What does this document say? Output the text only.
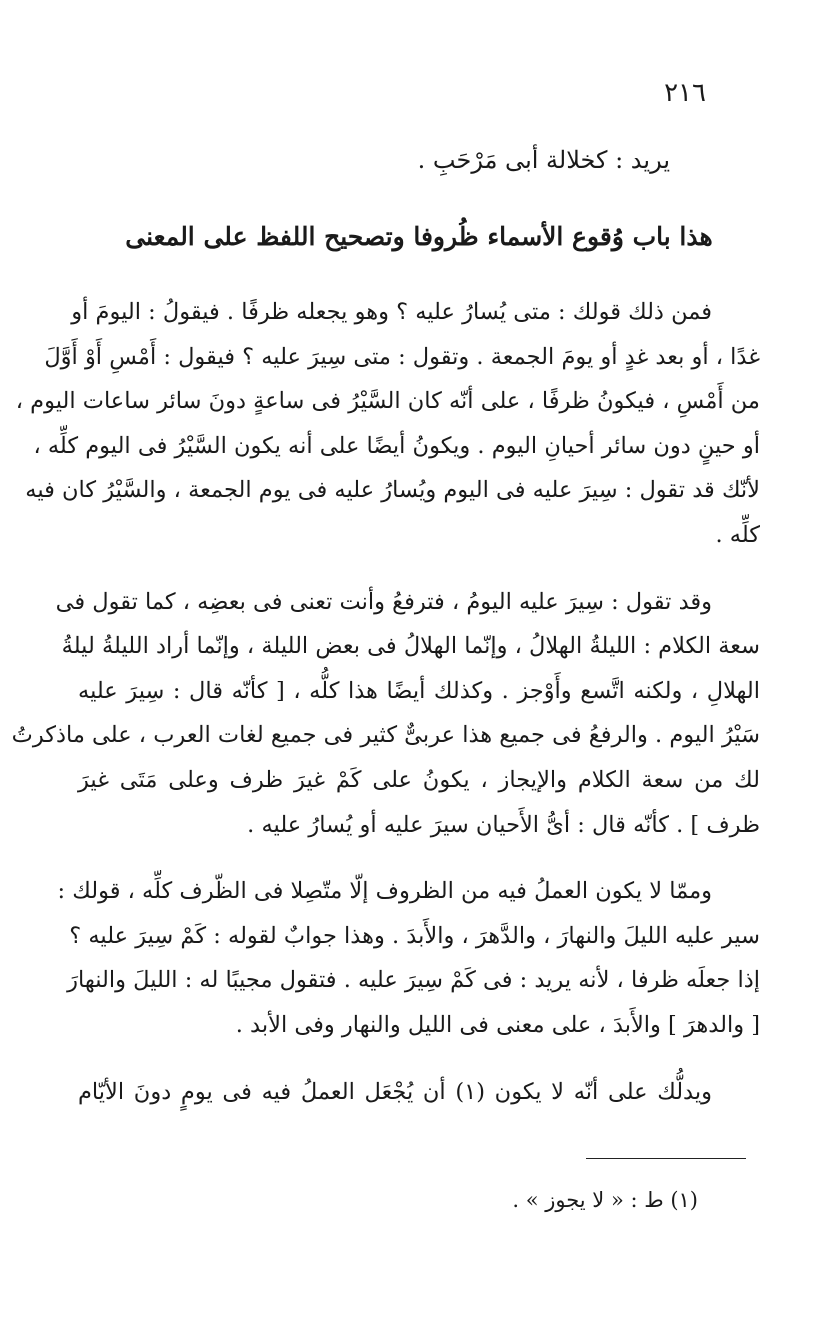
٢١٦
يريد : كخلالة أبى مَرْحَبِ .
هذا باب وُقوع الأسماء ظُروفا وتصحيح اللفظ على المعنى

فمن ذلك قولك : متى يُسارُ عليه ؟ وهو يجعله ظرفًا . فيقولُ : اليومَ أو
غدًا ، أو بعد غدٍ أو يومَ الجمعة . وتقول : متى سِيرَ عليه ؟ فيقول : أَمْسِ أَوْ أَوَّلَ
من أَمْسِ ، فيكونُ ظرفًا ، على أنّه كان السَّيْرُ فى ساعةٍ دونَ سائر ساعات اليوم ،
أو حينٍ دون سائر أحيانِ اليوم . ويكونُ أيضًا على أنه يكون السَّيْرُ فى اليوم كلِّه ،
لأنّك قد تقول : سِيرَ عليه فى اليوم ويُسارُ عليه فى يوم الجمعة ، والسَّيْرُ كان فيه
كلِّه .

وقد تقول : سِيرَ عليه اليومُ ، فترفعُ وأنت تعنى فى بعضِه ، كما تقول فى
سعة الكلام : الليلةُ الهلالُ ، وإنّما الهلالُ فى بعض الليلة ، وإنّما أراد الليلةُ ليلةُ
الهلالِ ، ولكنه اتَّسع وأَوْجز . وكذلك أيضًا هذا كلُّه ، [ كأنّه قال : سِيرَ عليه
سَيْرُ اليوم . والرفعُ فى جميع هذا عربىٌّ كثير فى جميع لغات العرب ، على ماذكرتُ
لك من سعة الكلام والإيجاز ، يكونُ على كَمْ غيرَ ظرف وعلى مَتَى غيرَ
ظرف ] . كأنّه قال : أىُّ الأَحيان سيرَ عليه أو يُسارُ عليه .

وممّا لا يكون العملُ فيه من الظروف إلّا متّصِلا فى الظّرف كلِّه ، قولك :
سير عليه الليلَ والنهارَ ، والدَّهرَ ، والأَبدَ . وهذا جوابٌ لقوله : كَمْ سِيرَ عليه ؟
إذا جعلَه ظرفا ، لأنه يريد : فى كَمْ سِيرَ عليه . فتقول مجيبًا له : الليلَ والنهارَ
[ والدهرَ ] والأَبدَ ، على معنى فى الليل والنهار وفى الأبد .

ويدلُّك على أنّه لا يكون (١) أن يُجْعَل العملُ فيه فى يومٍ دونَ الأيّام

(١) ط : « لا يجوز » .
